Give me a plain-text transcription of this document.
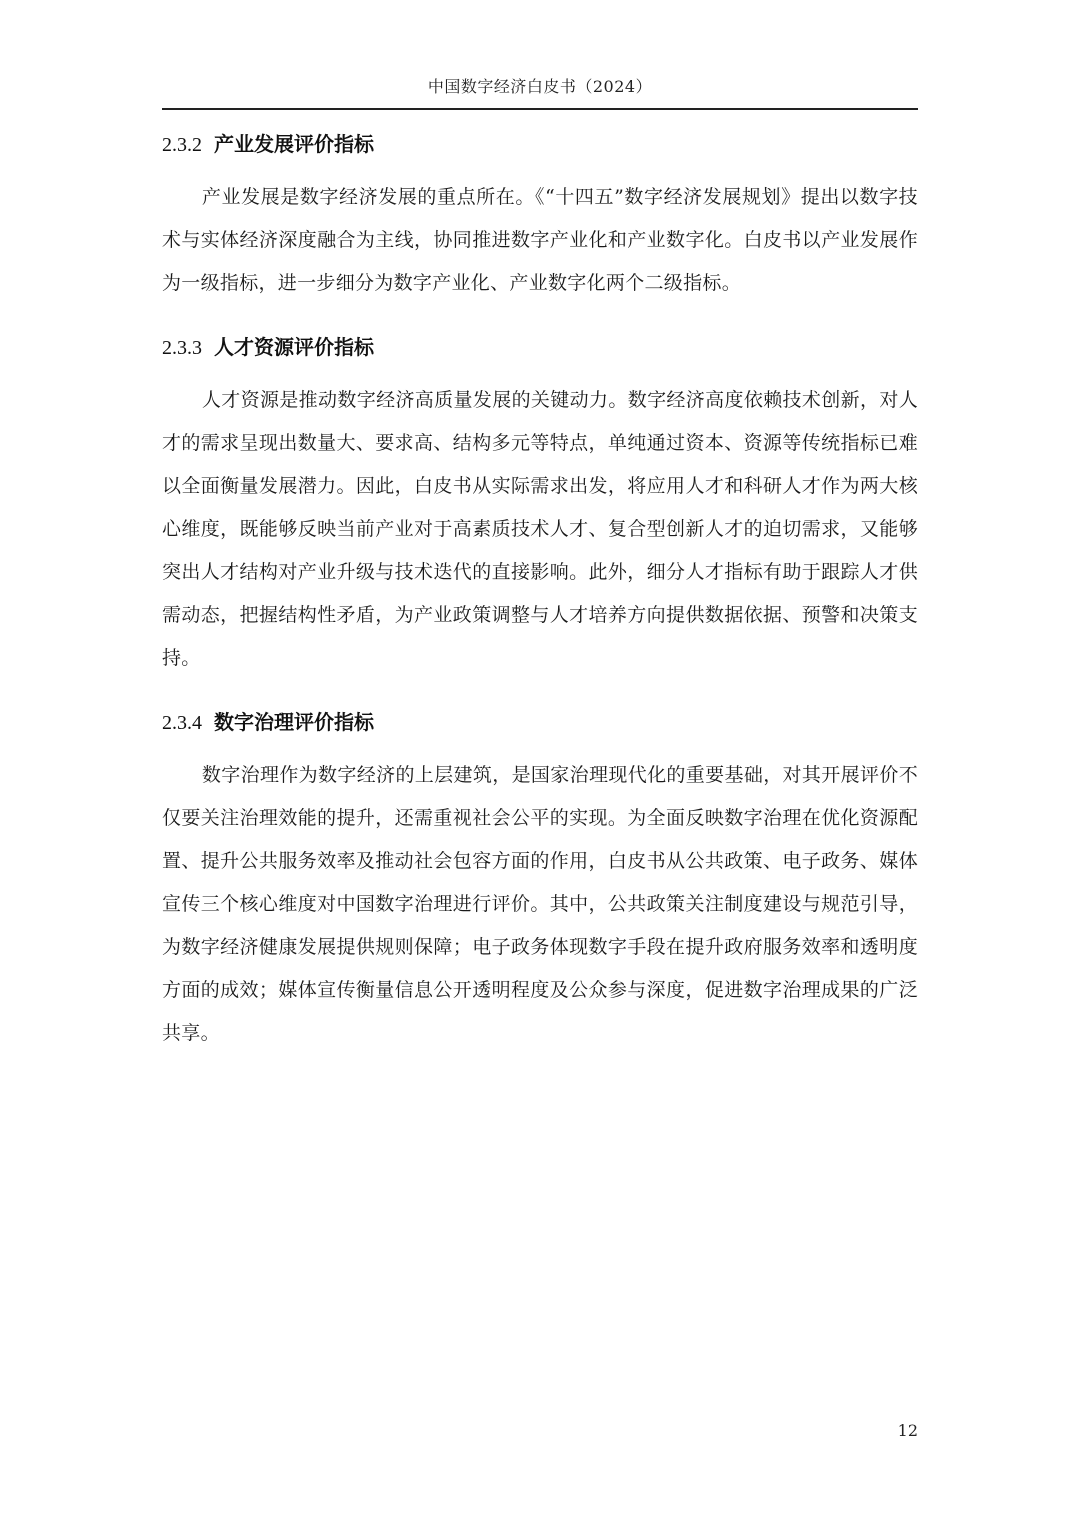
中国数字经济白皮书（2024）
2.3.2 产业发展评价指标

产业发展是数字经济发展的重点所在。《“十四五”数字经济发展规划》提出以数字技术与实体经济深度融合为主线，协同推进数字产业化和产业数字化。白皮书以产业发展作为一级指标，进一步细分为数字产业化、产业数字化两个二级指标。

2.3.3 人才资源评价指标

人才资源是推动数字经济高质量发展的关键动力。数字经济高度依赖技术创新，对人才的需求呈现出数量大、要求高、结构多元等特点，单纯通过资本、资源等传统指标已难以全面衡量发展潜力。因此，白皮书从实际需求出发，将应用人才和科研人才作为两大核心维度，既能够反映当前产业对于高素质技术人才、复合型创新人才的迫切需求，又能够突出人才结构对产业升级与技术迭代的直接影响。此外，细分人才指标有助于跟踪人才供需动态，把握结构性矛盾，为产业政策调整与人才培养方向提供数据依据、预警和决策支持。

2.3.4 数字治理评价指标

数字治理作为数字经济的上层建筑，是国家治理现代化的重要基础，对其开展评价不仅要关注治理效能的提升，还需重视社会公平的实现。为全面反映数字治理在优化资源配置、提升公共服务效率及推动社会包容方面的作用，白皮书从公共政策、电子政务、媒体宣传三个核心维度对中国数字治理进行评价。其中，公共政策关注制度建设与规范引导，为数字经济健康发展提供规则保障；电子政务体现数字手段在提升政府服务效率和透明度方面的成效；媒体宣传衡量信息公开透明程度及公众参与深度，促进数字治理成果的广泛共享。

12
